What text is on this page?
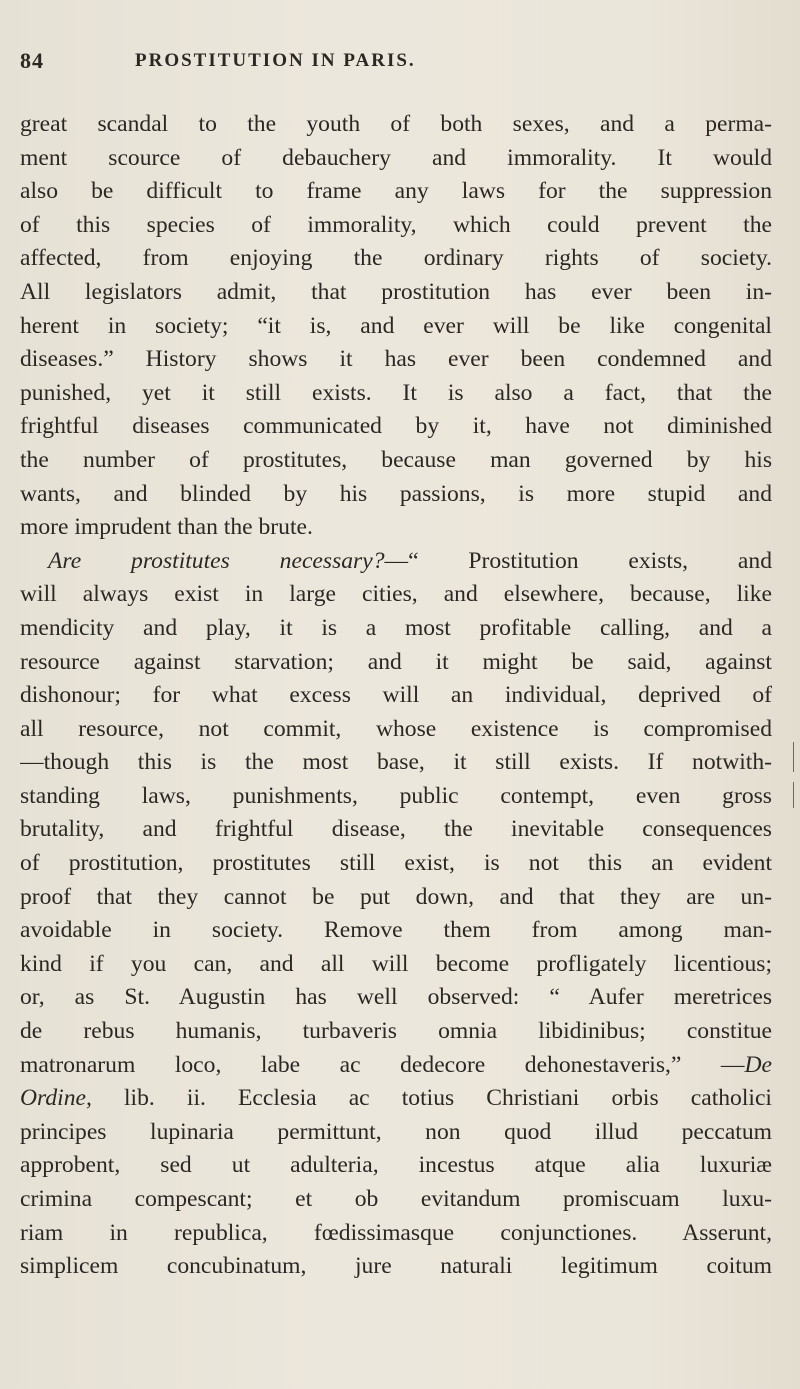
84	PROSTITUTION IN PARIS.
great scandal to the youth of both sexes, and a perma-
ment scource of debauchery and immorality. It would
also be difficult to frame any laws for the suppression
of this species of immorality, which could prevent the
affected, from enjoying the ordinary rights of society.
All legislators admit, that prostitution has ever been in-
herent in society; “it is, and ever will be like congenital
diseases.” History shows it has ever been condemned and
punished, yet it still exists. It is also a fact, that the
frightful diseases communicated by it, have not diminished
the number of prostitutes, because man governed by his
wants, and blinded by his passions, is more stupid and
more imprudent than the brute.
Are prostitutes necessary?—“ Prostitution exists, and
will always exist in large cities, and elsewhere, because, like
mendicity and play, it is a most profitable calling, and a
resource against starvation; and it might be said, against
dishonour; for what excess will an individual, deprived of
all resource, not commit, whose existence is compromised
—though this is the most base, it still exists. If notwith-
standing laws, punishments, public contempt, even gross
brutality, and frightful disease, the inevitable consequences
of prostitution, prostitutes still exist, is not this an evident
proof that they cannot be put down, and that they are un-
avoidable in society. Remove them from among man-
kind if you can, and all will become profligately licentious;
or, as St. Augustin has well observed: “ Aufer meretrices
de rebus humanis, turbaveris omnia libidinibus; constitue
matronarum loco, labe ac dedecore dehonestaveris,” —De
Ordine, lib. ii. Ecclesia ac totius Christiani orbis catholici
principes lupinaria permittunt, non quod illud peccatum
approbent, sed ut adulteria, incestus atque alia luxuriæ
crimina compescant; et ob evitandum promiscuam luxu-
riam in republica, fœdissimasque conjunctiones. Asserunt,
simplicem concubinatum, jure naturali legitimum coitum
